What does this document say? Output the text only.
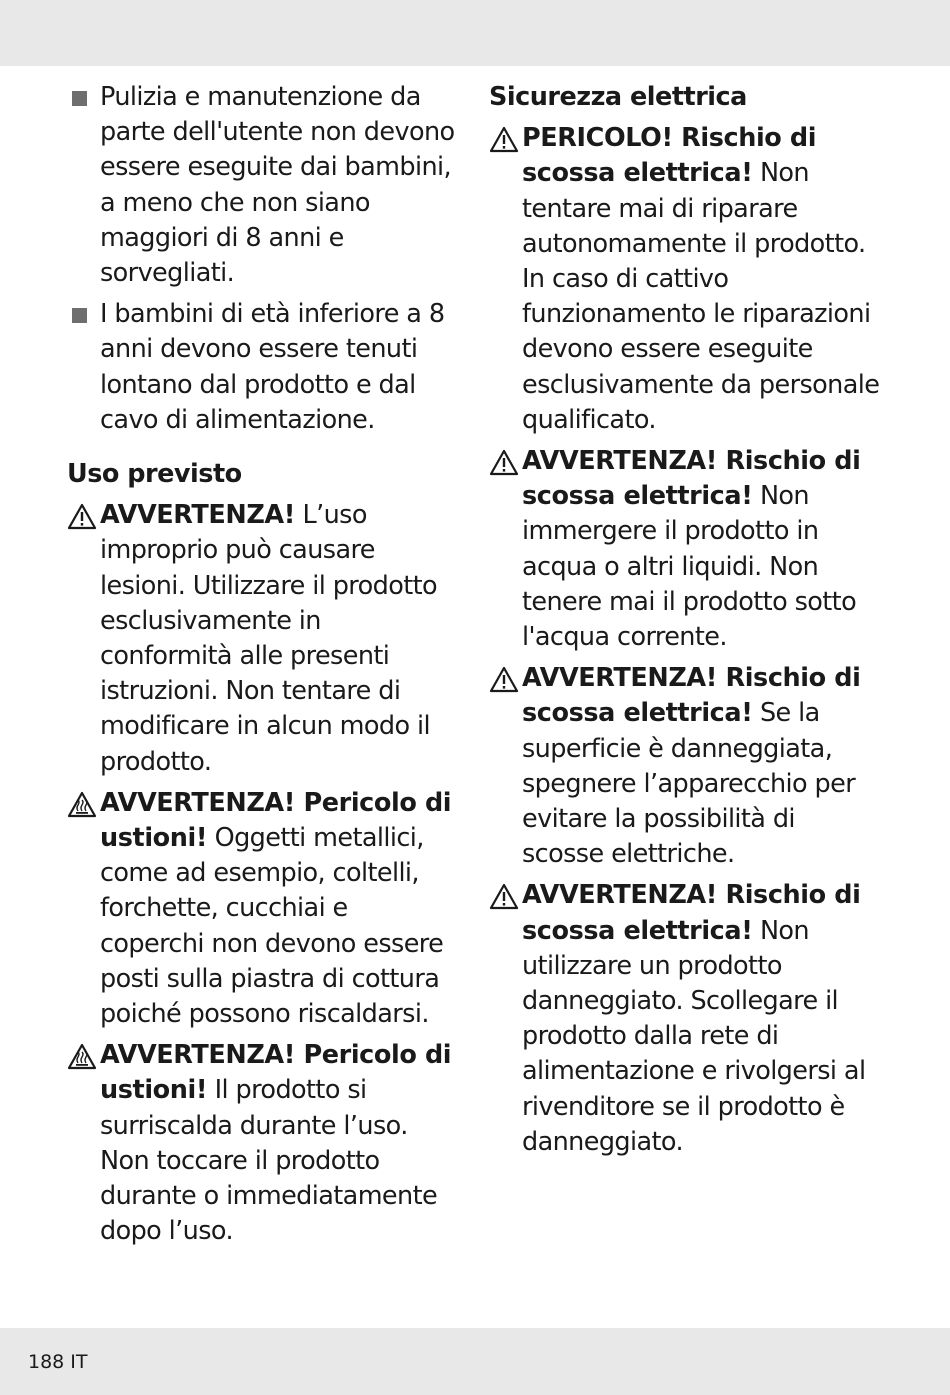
Pulizia e manutenzione da parte dell'utente non devono essere eseguite dai bambini, a meno che non siano maggiori di 8 anni e sorvegliati.

I bambini di età inferiore a 8 anni devono essere tenuti lontano dal prodotto e dal cavo di alimentazione.

Uso previsto

AVVERTENZA! L’uso improprio può causare lesioni. Utilizzare il prodotto esclusivamente in conformità alle presenti istruzioni. Non tentare di modificare in alcun modo il prodotto.

AVVERTENZA! Pericolo di ustioni! Oggetti metallici, come ad esempio, coltelli, forchette, cucchiai e coperchi non devono essere posti sulla piastra di cottura poiché possono riscaldarsi.

AVVERTENZA! Pericolo di ustioni! Il prodotto si surriscalda durante l’uso. Non toccare il prodotto durante o immediatamente dopo l’uso.

Sicurezza elettrica

PERICOLO! Rischio di scossa elettrica! Non tentare mai di riparare autonomamente il prodotto. In caso di cattivo funzionamento le riparazioni devono essere eseguite esclusivamente da personale qualificato.

AVVERTENZA! Rischio di scossa elettrica! Non immergere il prodotto in acqua o altri liquidi. Non tenere mai il prodotto sotto l'acqua corrente.

AVVERTENZA! Rischio di scossa elettrica! Se la superficie è danneggiata, spegnere l’apparecchio per evitare la possibilità di scosse elettriche.

AVVERTENZA! Rischio di scossa elettrica! Non utilizzare un prodotto danneggiato. Scollegare il prodotto dalla rete di alimentazione e rivolgersi al rivenditore se il prodotto è danneggiato.

188 IT
